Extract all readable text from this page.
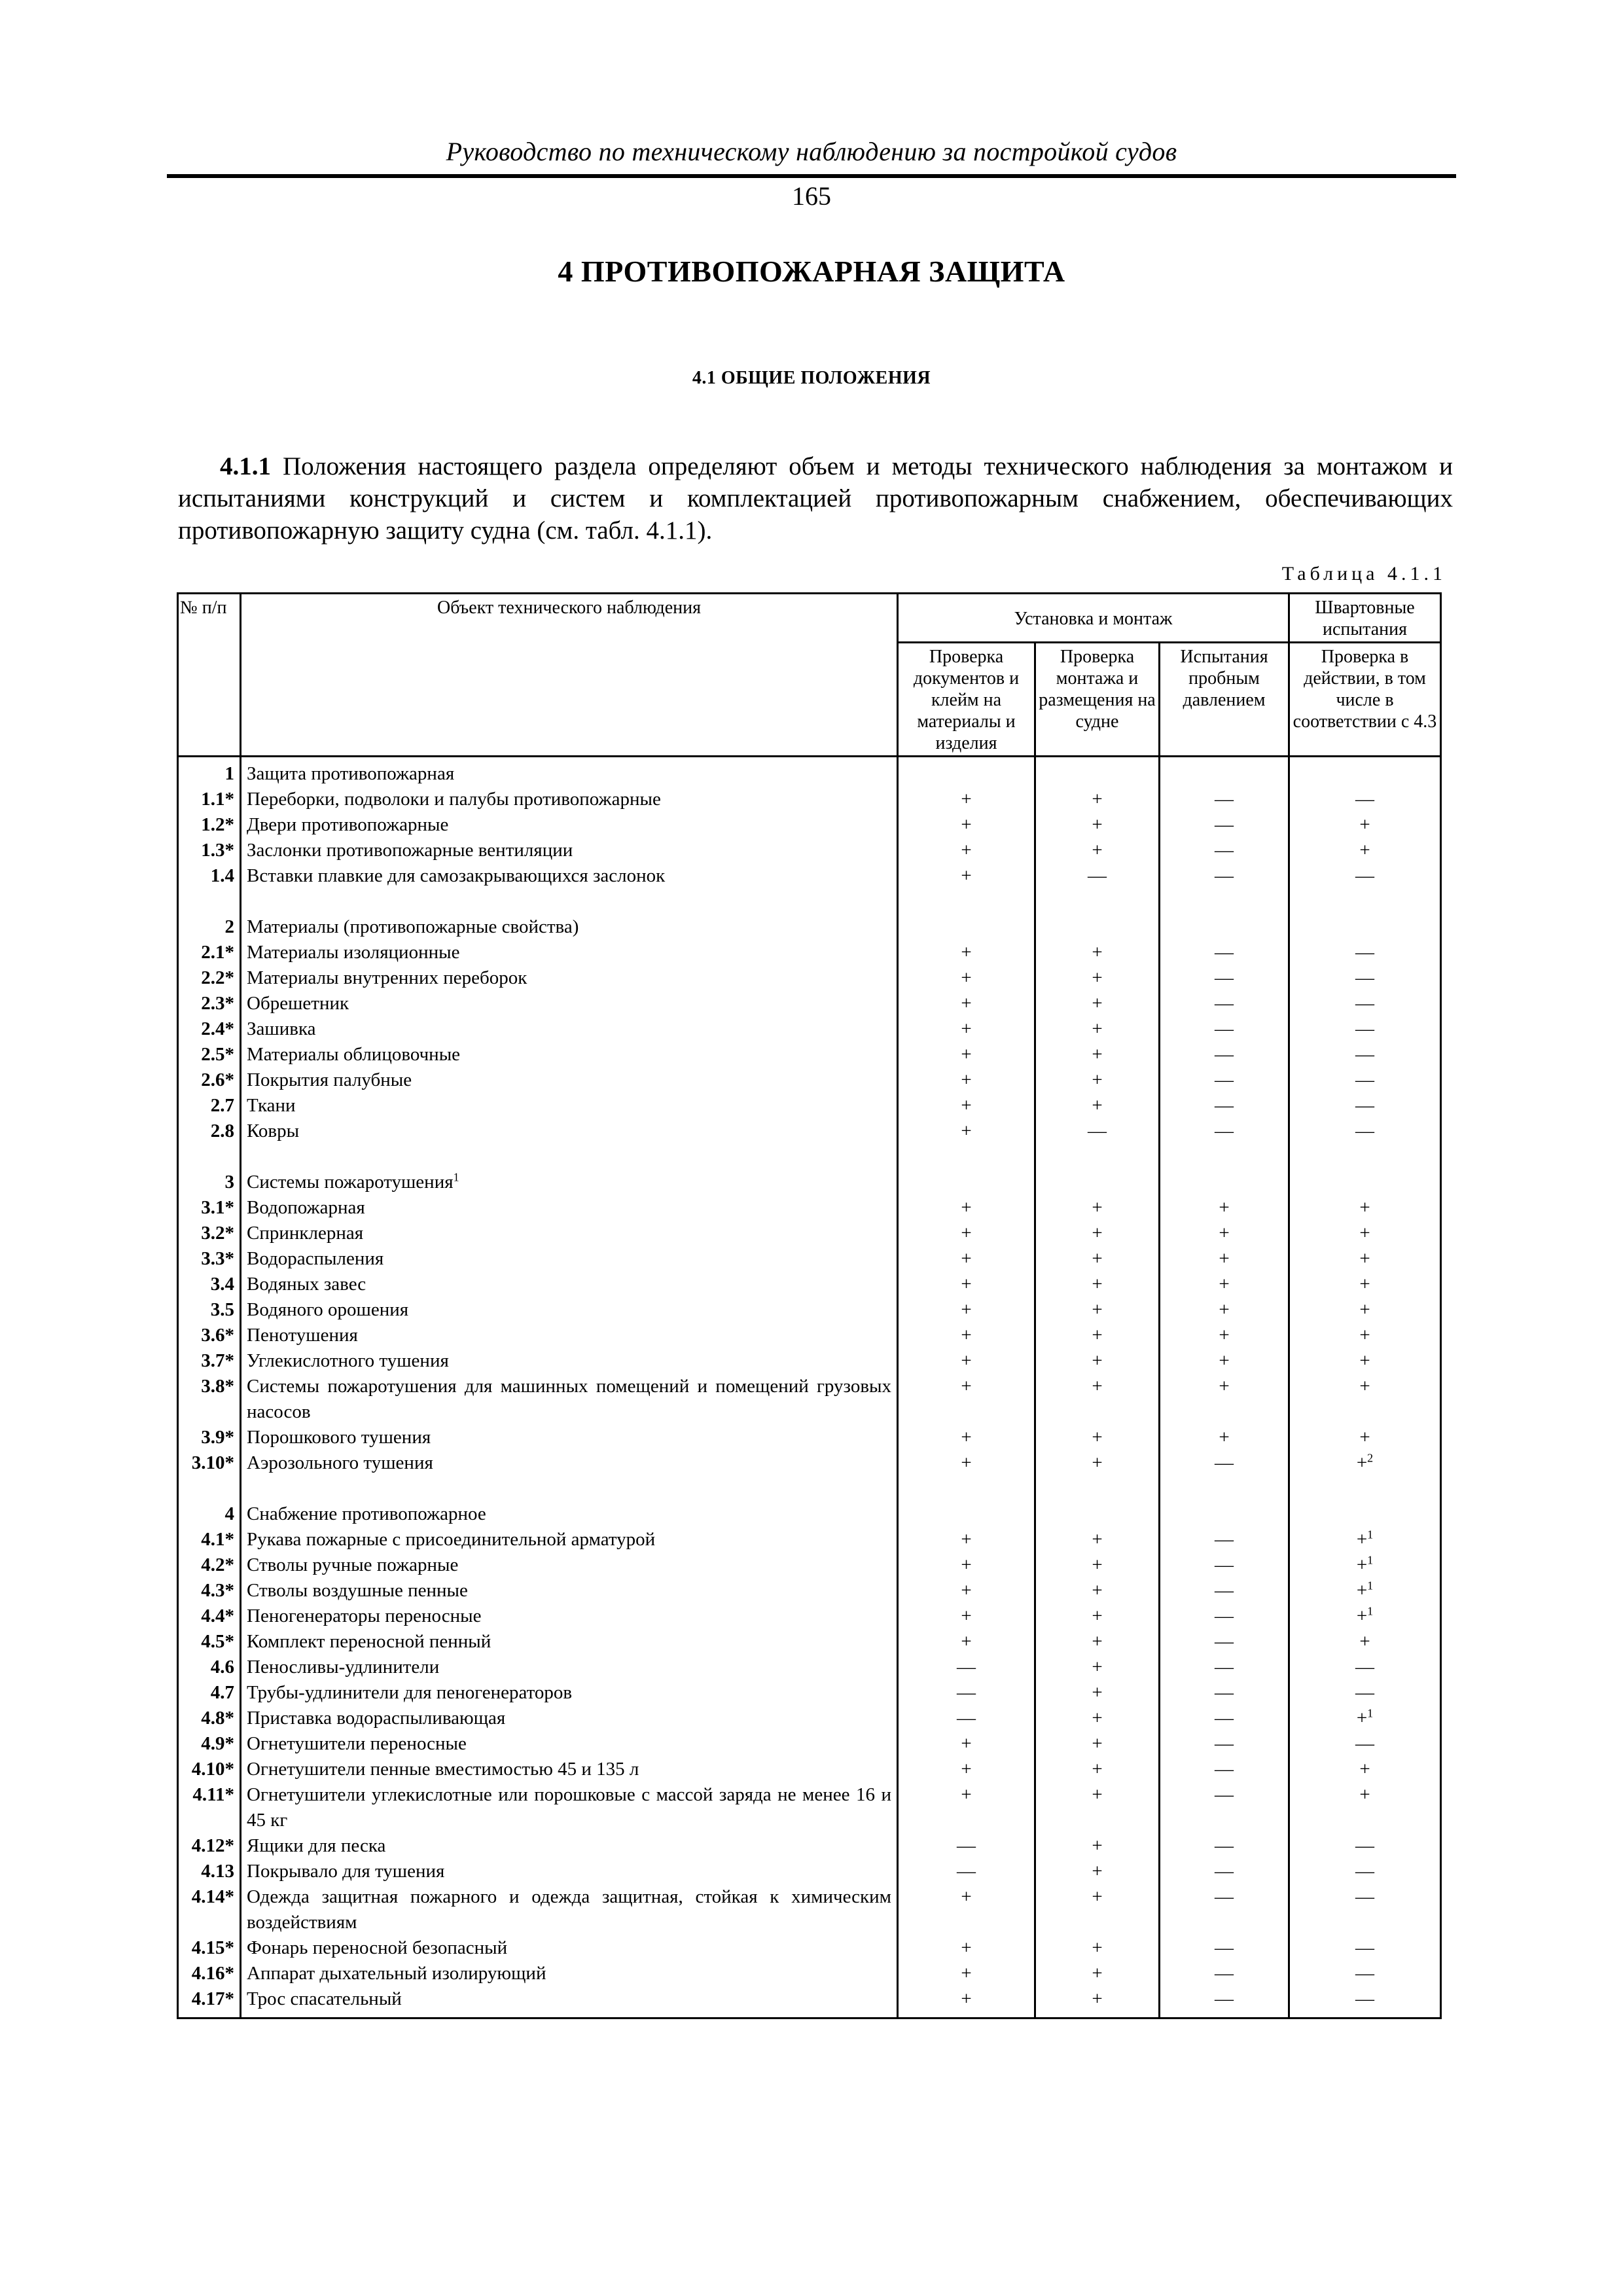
Руководство по техническому наблюдению за постройкой судов
165
4 ПРОТИВОПОЖАРНАЯ ЗАЩИТА
4.1 ОБЩИЕ ПОЛОЖЕНИЯ

4.1.1 Положения настоящего раздела определяют объем и методы технического наблюдения за монтажом и испытаниями конструкций и систем и комплектацией противопожарным снабжением, обеспечивающих противопожарную защиту судна (см. табл. 4.1.1).

Таблица 4.1.1
№ п/п	Объект технического наблюдения	Установка и монтаж			Швартовные испытания
		Проверка документов и клейм на материалы и изделия	Проверка монтажа и размещения на судне	Испытания пробным давлением	Проверка в действии, в том числе в соответствии с 4.3
1	Защита противопожарная				
1.1*	Переборки, подволоки и палубы противопожарные	+	+	—	—
1.2*	Двери противопожарные	+	+	—	+
1.3*	Заслонки противопожарные вентиляции	+	+	—	+
1.4	Вставки плавкие для самозакрывающихся заслонок	+	—	—	—

2	Материалы (противопожарные свойства)				
2.1*	Материалы изоляционные	+	+	—	—
2.2*	Материалы внутренних переборок	+	+	—	—
2.3*	Обрешетник	+	+	—	—
2.4*	Зашивка	+	+	—	—
2.5*	Материалы облицовочные	+	+	—	—
2.6*	Покрытия палубные	+	+	—	—
2.7	Ткани	+	+	—	—
2.8	Ковры	+	—	—	—

3	Системы пожаротушения$^1$				
3.1*	Водопожарная	+	+	+	+
3.2*	Спринклерная	+	+	+	+
3.3*	Водораспыления	+	+	+	+
3.4	Водяных завес	+	+	+	+
3.5	Водяного орошения	+	+	+	+
3.6*	Пенотушения	+	+	+	+
3.7*	Углекислотного тушения	+	+	+	+
3.8*	Системы пожаротушения для машинных помещений и помещений грузовых насосов	+	+	+	+
3.9*	Порошкового тушения	+	+	+	+
3.10*	Аэрозольного тушения	+	+	—	+$^2$

4	Снабжение противопожарное				
4.1*	Рукава пожарные с присоединительной арматурой	+	+	—	+$^1$
4.2*	Стволы ручные пожарные	+	+	—	+$^1$
4.3*	Стволы воздушные пенные	+	+	—	+$^1$
4.4*	Пеногенераторы переносные	+	+	—	+$^1$
4.5*	Комплект переносной пенный	+	+	—	+
4.6	Пеносливы-удлинители	—	+	—	—
4.7	Трубы-удлинители для пеногенераторов	—	+	—	—
4.8*	Приставка водораспыливающая	—	+	—	+$^1$
4.9*	Огнетушители переносные	+	+	—	—
4.10*	Огнетушители пенные вместимостью 45 и 135 л	+	+	—	+
4.11*	Огнетушители углекислотные или порошковые с массой заряда не менее 16 и 45 кг	+	+	—	+
4.12*	Ящики для песка	—	+	—	—
4.13	Покрывало для тушения	—	+	—	—
4.14*	Одежда защитная пожарного и одежда защитная, стойкая к химическим воздействиям	+	+	—	—
4.15*	Фонарь переносной безопасный	+	+	—	—
4.16*	Аппарат дыхательный изолирующий	+	+	—	—
4.17*	Трос спасательный	+	+	—	—
